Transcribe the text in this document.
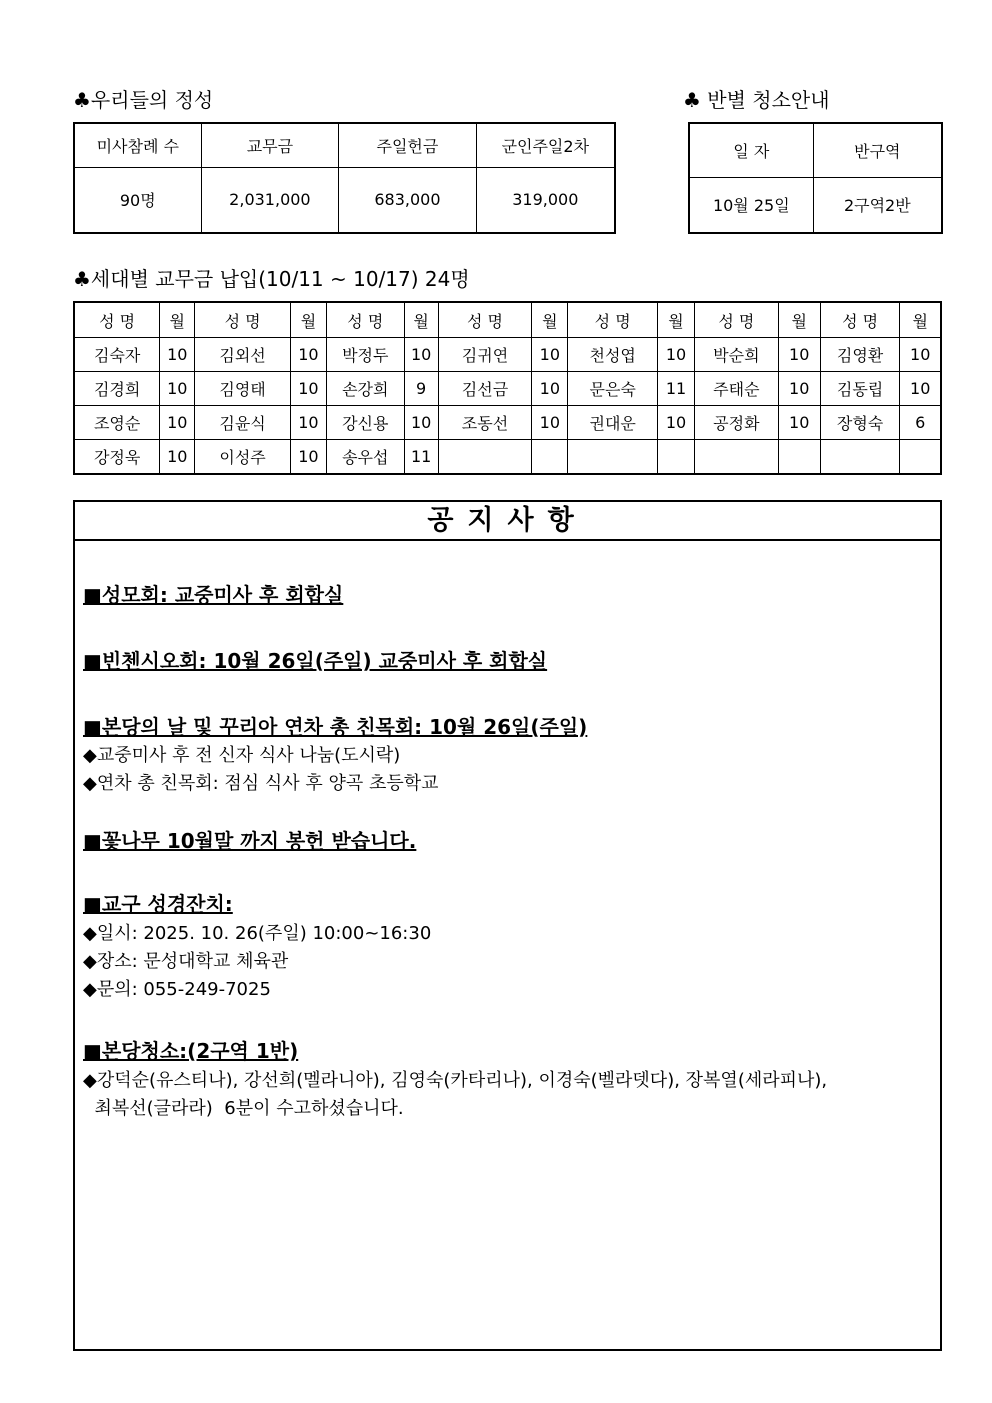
♣우리들의 정성
미사참례 수	교무금	주일헌금	군인주일2차
90명	2,031,000	683,000	319,000
♣ 반별 청소안내
일 자	반구역
10월 25일	2구역2반
♣세대별 교무금 납입(10/11 ~ 10/17) 24명
성 명	월	성 명	월	성 명	월	성 명	월	성 명	월	성 명	월	성 명	월
김숙자	10	김외선	10	박정두	10	김귀연	10	천성엽	10	박순희	10	김영환	10
김경희	10	김영태	10	손강희	9	김선금	10	문은숙	11	주태순	10	김동립	10
조영순	10	김윤식	10	강신용	10	조동선	10	권대운	10	공정화	10	장형숙	6
강정욱	10	이성주	10	송우섭	11								
공지사항
■성모회: 교중미사 후 회합실
■빈첸시오회: 10월 26일(주일) 교중미사 후 회합실
■본당의 날 및 꾸리아 연차 총 친목회: 10월 26일(주일)
◆교중미사 후 전 신자 식사 나눔(도시락)
◆연차 총 친목회: 점심 식사 후 양곡 초등학교
■꽃나무 10월말 까지 봉헌 받습니다.
■교구 성경잔치:
◆일시: 2025. 10. 26(주일) 10:00~16:30
◆장소: 문성대학교 체육관
◆문의: 055-249-7025
■본당청소:(2구역 1반)
◆강덕순(유스티나), 강선희(멜라니아), 김영숙(카타리나), 이경숙(벨라뎃다), 장복열(세라피나),
최복선(글라라)  6분이 수고하셨습니다.
